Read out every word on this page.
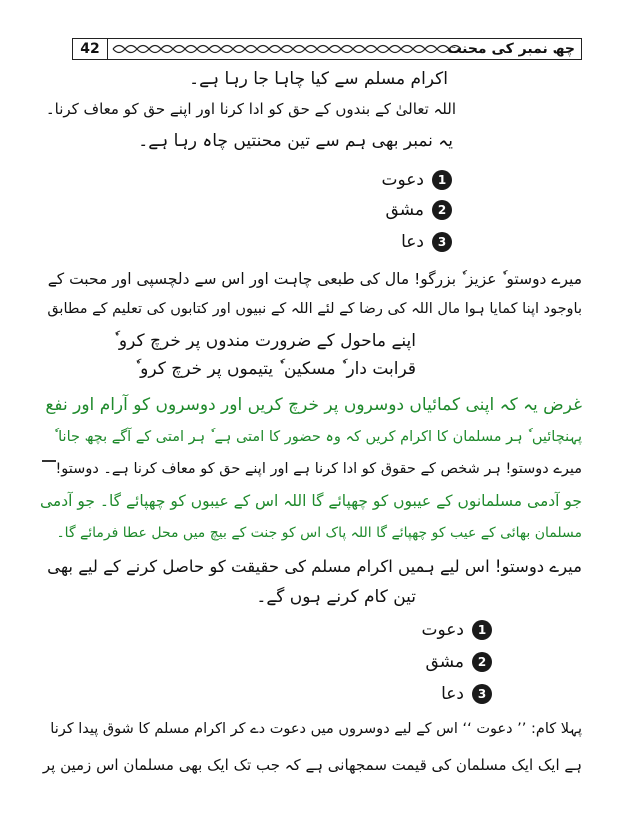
42	چھ نمبر کی محنت
اکرام مسلم سے کیا چاہا جا رہا ہے۔
اللہ تعالیٰ کے بندوں کے حق کو ادا کرنا اور اپنے حق کو معاف کرنا۔
یہ نمبر بھی ہم سے تین محنتیں چاہ رہا ہے۔
1
دعوت
2
مشق
3
دعا
میرے دوستو ٗ عزیز ٗ بزرگو! مال کی طبعی چاہت اور اس سے دلچسپی اور محبت کے
باوجود اپنا کمایا ہوا مال اللہ کی رضا کے لئے اللہ کے نبیوں اور کتابوں کی تعلیم کے مطابق
اپنے ماحول کے ضرورت مندوں پر خرچ کرو ٗ
قرابت دار ٗ مسکین ٗ یتیموں پر خرچ کرو ٗ
غرض یہ کہ اپنی کمائیاں دوسروں پر خرچ کریں اور دوسروں کو آرام اور نفع
پہنچائیں ٗ ہر مسلمان کا اکرام کریں کہ وہ حضور کا امتی ہے ٗ ہر امتی کے آگے بچھ جانا ٗ
میرے دوستو! ہر شخص کے حقوق کو ادا کرنا ہے اور اپنے حق کو معاف کرنا ہے۔ دوستو!
جو آدمی مسلمانوں کے عیبوں کو چھپائے گا اللہ اس کے عیبوں کو چھپائے گا۔ جو آدمی
مسلمان بھائی کے عیب کو چھپائے گا اللہ پاک اس کو جنت کے بیچ میں محل عطا فرمائے گا۔
میرے دوستو! اس لیے ہمیں اکرام مسلم کی حقیقت کو حاصل کرنے کے لیے بھی
تین کام کرنے ہوں گے۔
1
دعوت
2
مشق
3
دعا
پہلا کام: ’’ دعوت ‘‘ اس کے لیے دوسروں میں دعوت دے کر اکرام مسلم کا شوق پیدا کرنا
ہے ایک ایک مسلمان کی قیمت سمجھانی ہے کہ جب تک ایک بھی مسلمان اس زمین پر
